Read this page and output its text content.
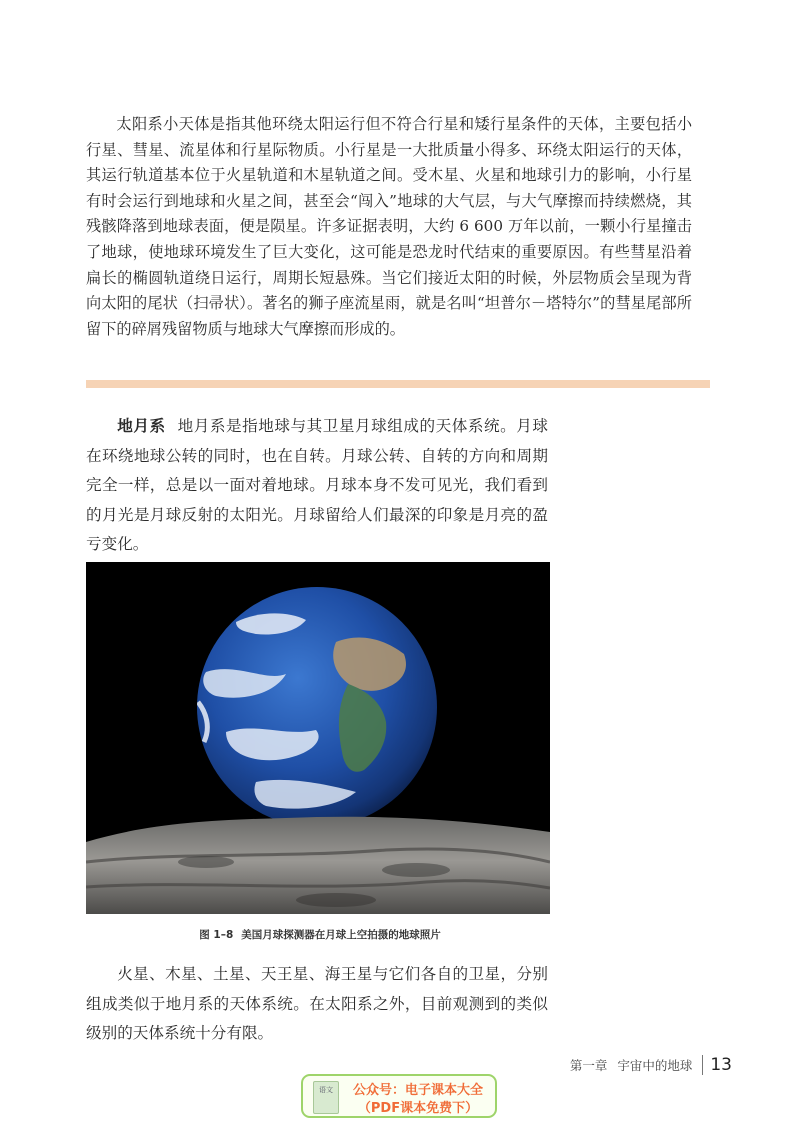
太阳系小天体是指其他环绕太阳运行但不符合行星和矮行星条件的天体，主要包括小行星、彗星、流星体和行星际物质。小行星是一大批质量小得多、环绕太阳运行的天体，其运行轨道基本位于火星轨道和木星轨道之间。受木星、火星和地球引力的影响，小行星有时会运行到地球和火星之间，甚至会“闯入”地球的大气层，与大气摩擦而持续燃烧，其残骸降落到地球表面，便是陨星。许多证据表明，大约 6 600 万年以前，一颗小行星撞击了地球，使地球环境发生了巨大变化，这可能是恐龙时代结束的重要原因。有些彗星沿着扁长的椭圆轨道绕日运行，周期长短悬殊。当它们接近太阳的时候，外层物质会呈现为背向太阳的尾状（扫帚状）。著名的狮子座流星雨，就是名叫“坦普尔－塔特尔”的彗星尾部所留下的碎屑残留物质与地球大气摩擦而形成的。

地月系 地月系是指地球与其卫星月球组成的天体系统。月球在环绕地球公转的同时，也在自转。月球公转、自转的方向和周期完全一样，总是以一面对着地球。月球本身不发可见光，我们看到的月光是月球反射的太阳光。月球留给人们最深的印象是月亮的盈亏变化。

图 1–8 美国月球探测器在月球上空拍摄的地球照片

火星、木星、土星、天王星、海王星与它们各自的卫星，分别组成类似于地月系的天体系统。在太阳系之外，目前观测到的类似级别的天体系统十分有限。

第一章 宇宙中的地球 13
语文	公众号：电子课本大全
（PDF课本免费下）
